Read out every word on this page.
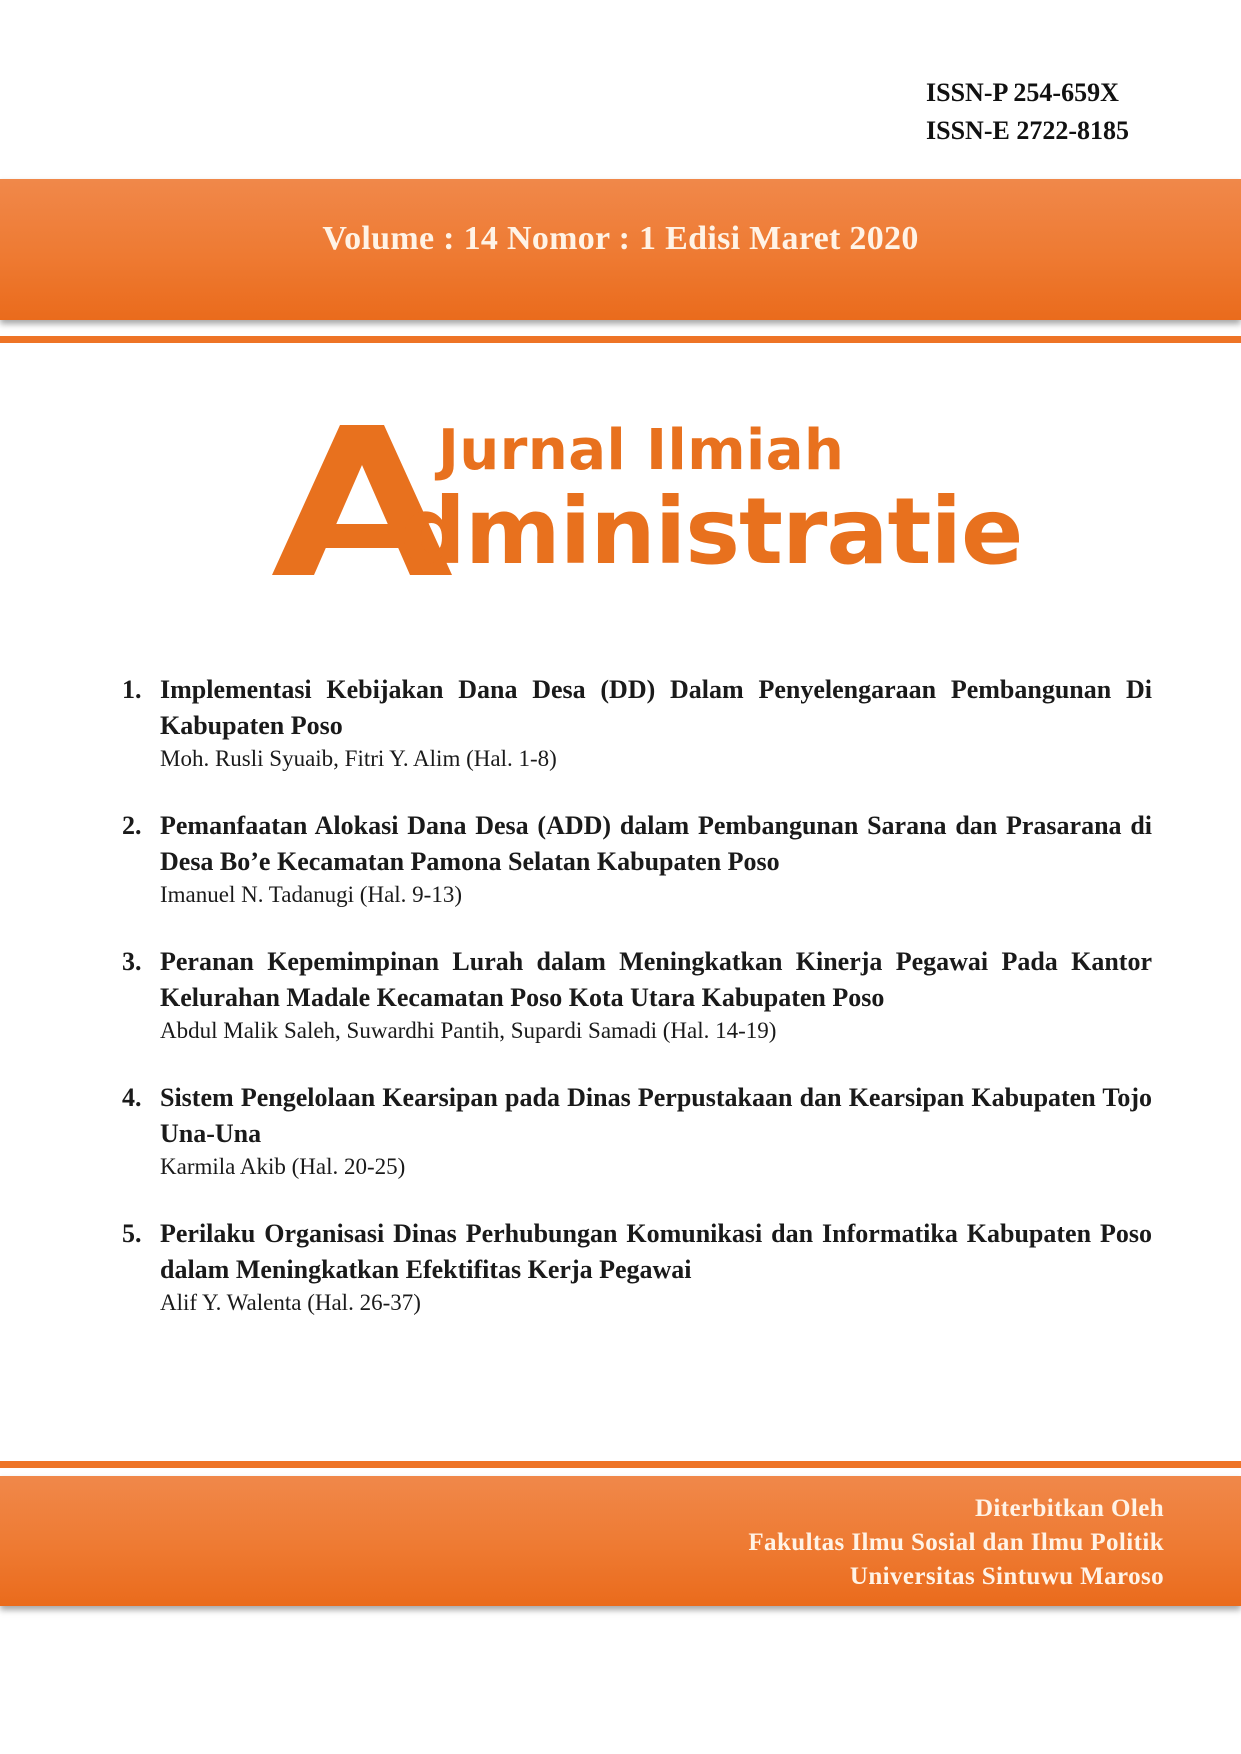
ISSN-P 254-659X
ISSN-E 2722-8185
Volume : 14 Nomor : 1 Edisi Maret 2020
Jurnal Ilmiah
dministratie
1. Implementasi Kebijakan Dana Desa (DD) Dalam Penyelengaraan Pembangunan Di Kabupaten Poso
Moh. Rusli Syuaib, Fitri Y. Alim (Hal. 1-8)
2. Pemanfaatan Alokasi Dana Desa (ADD) dalam Pembangunan Sarana dan Prasarana di Desa Bo’e Kecamatan Pamona Selatan Kabupaten Poso
Imanuel N. Tadanugi (Hal. 9-13)
3. Peranan Kepemimpinan Lurah dalam Meningkatkan Kinerja Pegawai Pada Kantor Kelurahan Madale Kecamatan Poso Kota Utara Kabupaten Poso
Abdul Malik Saleh, Suwardhi Pantih, Supardi Samadi (Hal. 14-19)
4. Sistem Pengelolaan Kearsipan pada Dinas Perpustakaan dan Kearsipan Kabupaten Tojo Una-Una
Karmila Akib (Hal. 20-25)
5. Perilaku Organisasi Dinas Perhubungan Komunikasi dan Informatika Kabupaten Poso dalam Meningkatkan Efektifitas Kerja Pegawai
Alif Y. Walenta (Hal. 26-37)
Diterbitkan Oleh
Fakultas Ilmu Sosial dan Ilmu Politik
Universitas Sintuwu Maroso
